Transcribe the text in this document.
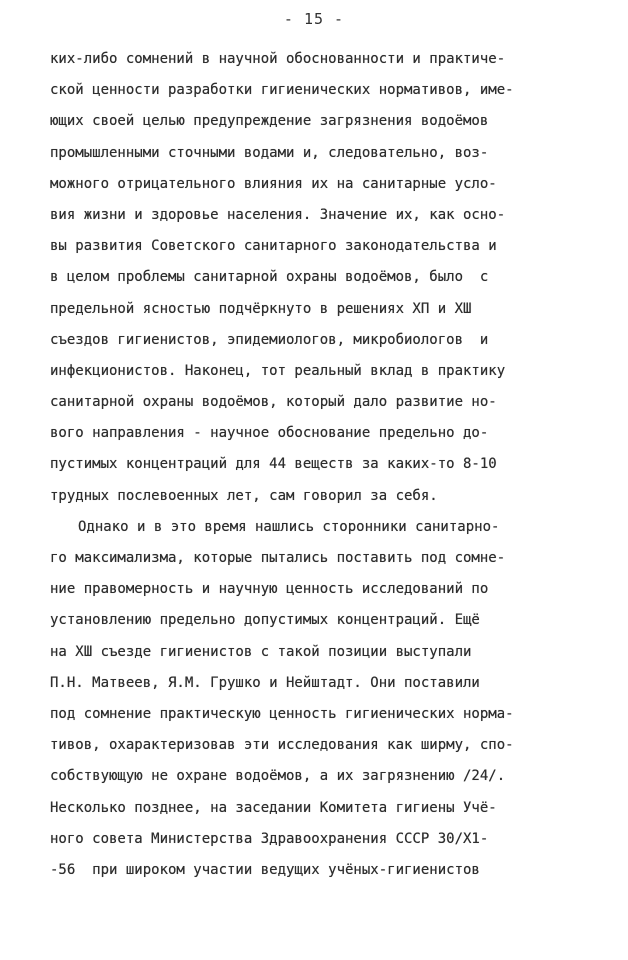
- 15 -
ких-либо сомнений в научной обоснованности и практиче-
ской ценности разработки гигиенических нормативов, име-
ющих своей целью предупреждение загрязнения водоёмов
промышленными сточными водами и, следовательно, воз-
можного отрицательного влияния их на санитарные усло-
вия жизни и здоровье населения. Значение их, как осно-
вы развития Советского санитарного законодательства и
в целом проблемы санитарной охраны водоёмов, было  с
предельной ясностью подчёркнуто в решениях ХП и ХШ
съездов гигиенистов, эпидемиологов, микробиологов  и
инфекционистов. Наконец, тот реальный вклад в практику
санитарной охраны водоёмов, который дало развитие но-
вого направления - научное обоснование предельно до-
пустимых концентраций для 44 веществ за каких-то 8-10
трудных послевоенных лет, сам говорил за себя.
Однако и в это время нашлись сторонники санитарно-
го максимализма, которые пытались поставить под сомне-
ние правомерность и научную ценность исследований по
установлению предельно допустимых концентраций. Ещё
на ХШ съезде гигиенистов с такой позиции выступали
П.Н. Матвеев, Я.М. Грушко и Нейштадт. Они поставили
под сомнение практическую ценность гигиенических норма-
тивов, охарактеризовав эти исследования как ширму, спо-
собствующую не охране водоёмов, а их загрязнению /24/.
Несколько позднее, на заседании Комитета гигиены Учё-
ного совета Министерства Здравоохранения СССР 30/Х1-
-56  при широком участии ведущих учёных-гигиенистов
